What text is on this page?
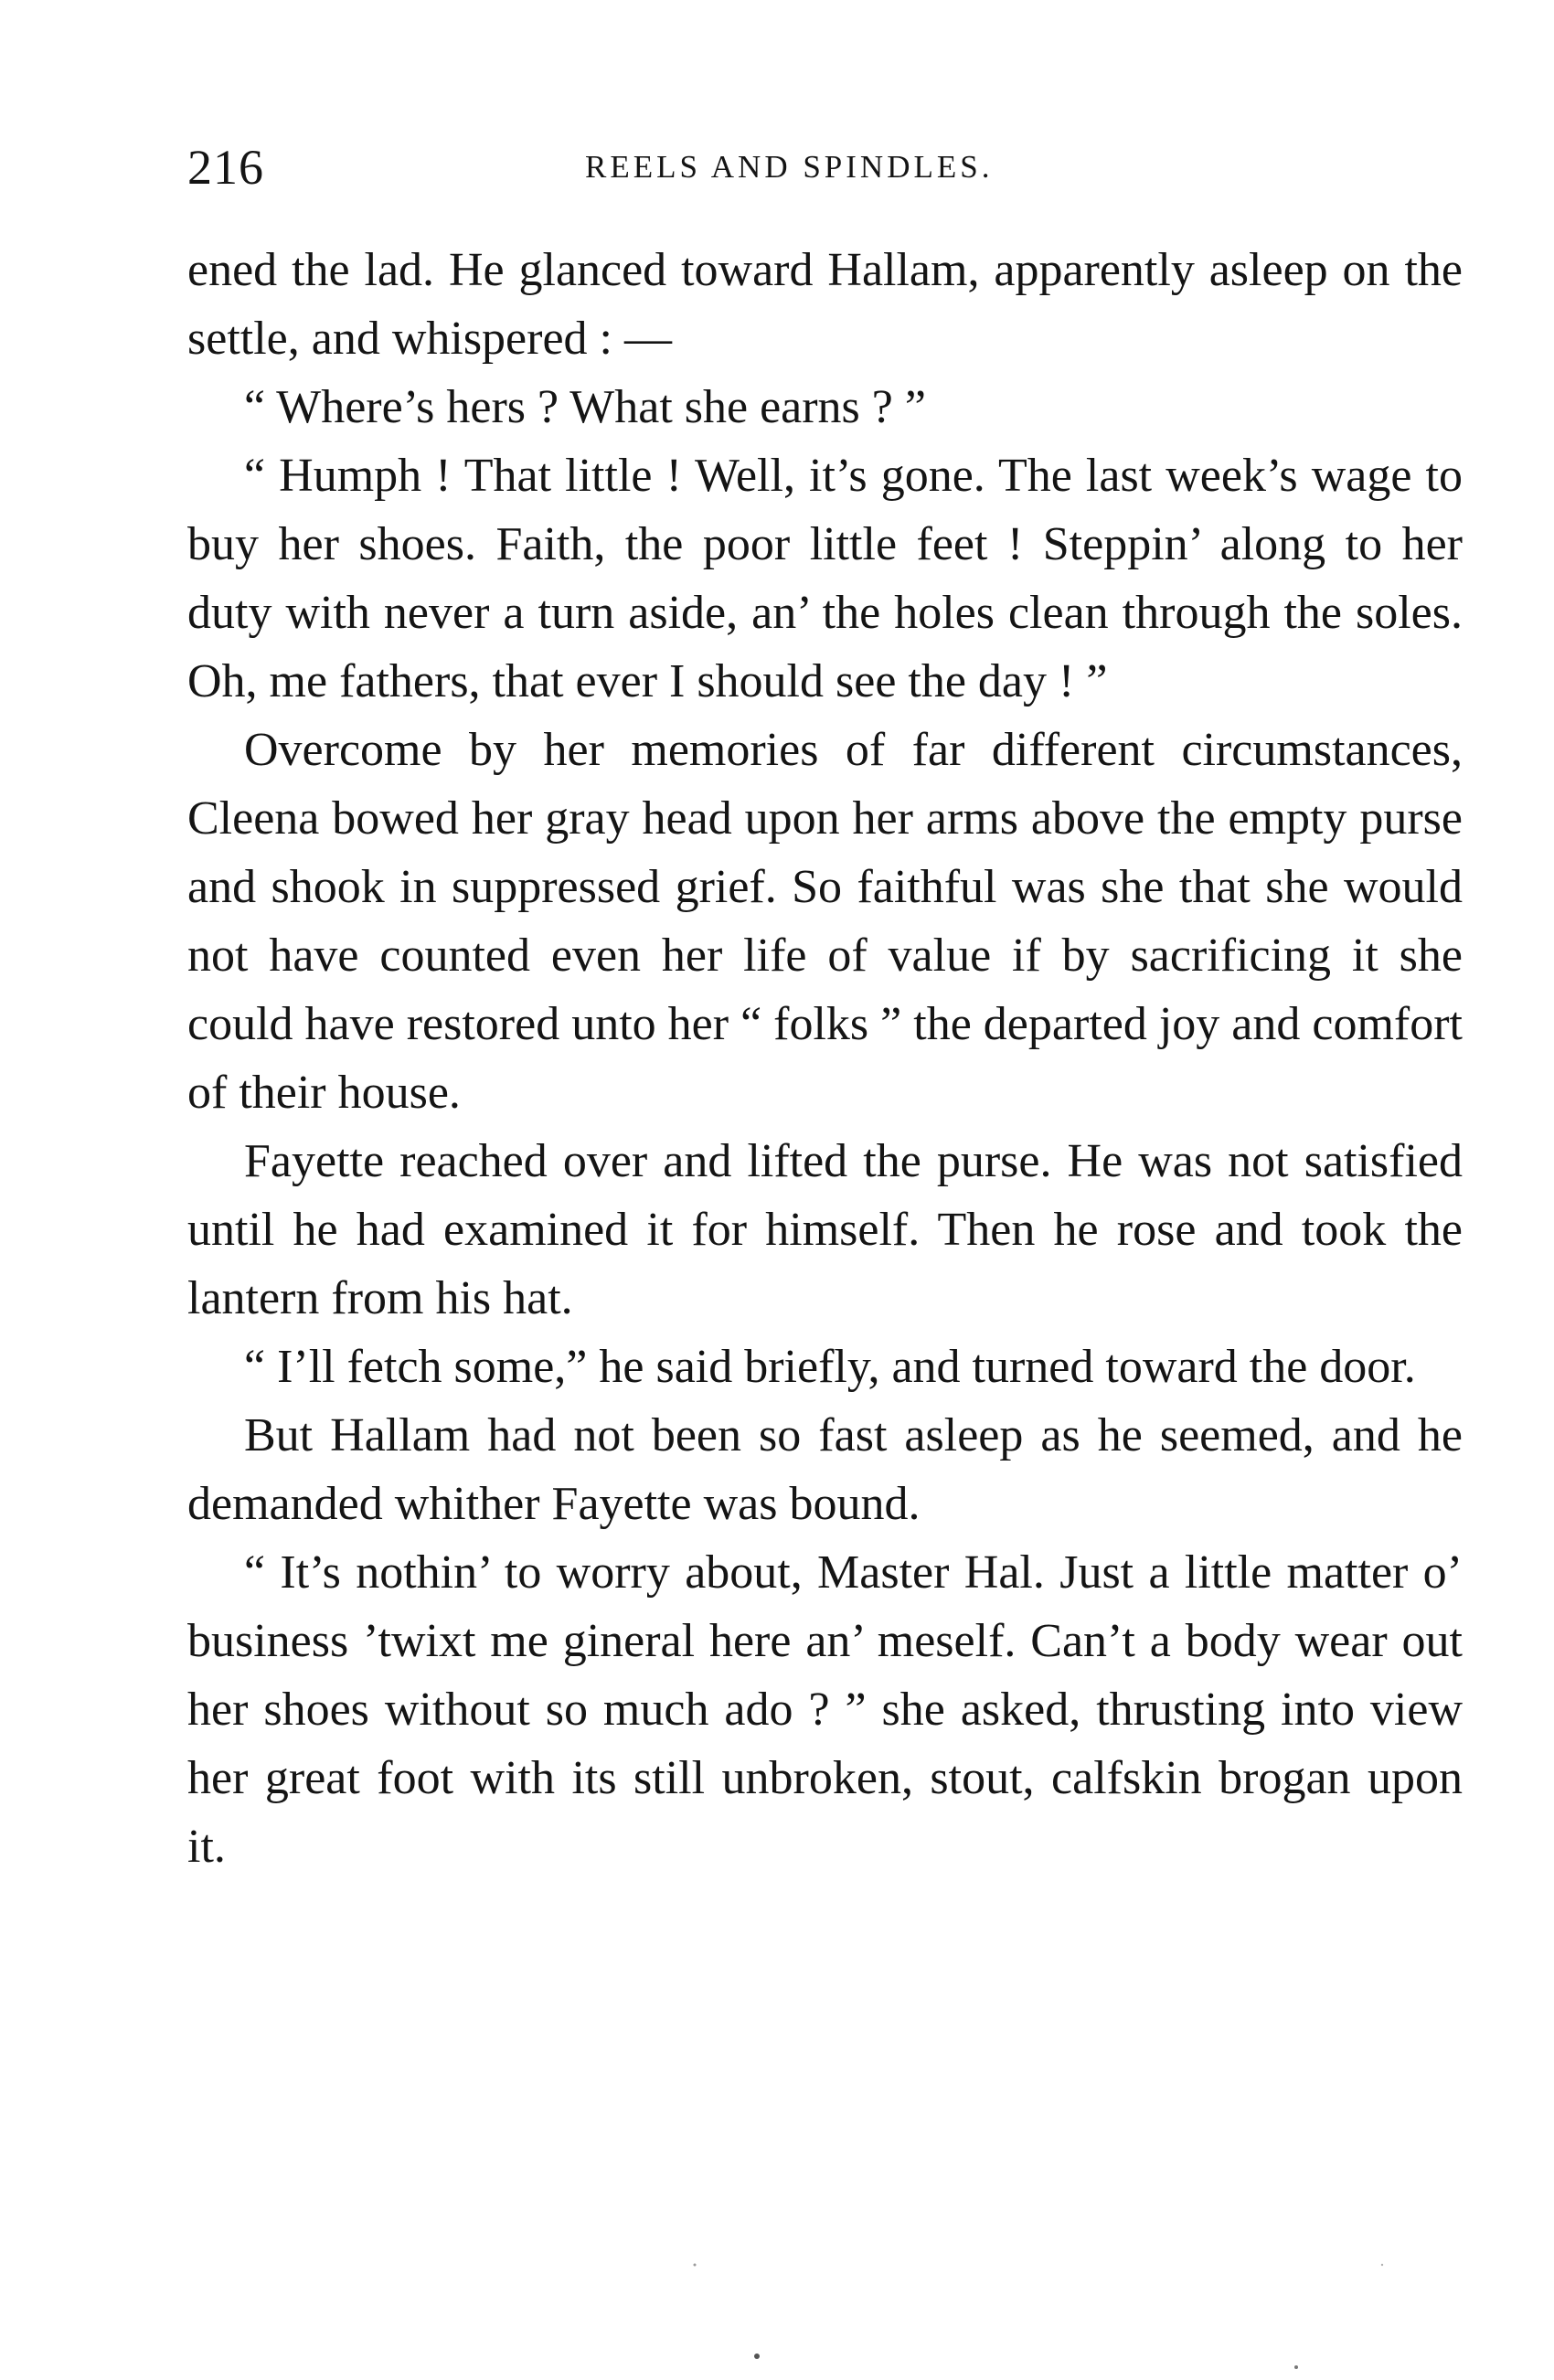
216	REELS AND SPINDLES.

ened the lad. He glanced toward Hallam, apparently asleep on the settle, and whispered : —

“ Where’s hers ? What she earns ? ”

“ Humph ! That little ! Well, it’s gone. The last week’s wage to buy her shoes. Faith, the poor little feet ! Steppin’ along to her duty with never a turn aside, an’ the holes clean through the soles. Oh, me fathers, that ever I should see the day ! ”

Overcome by her memories of far different circumstances, Cleena bowed her gray head upon her arms above the empty purse and shook in suppressed grief. So faithful was she that she would not have counted even her life of value if by sacrificing it she could have restored unto her “ folks ” the departed joy and comfort of their house.

Fayette reached over and lifted the purse. He was not satisfied until he had examined it for himself. Then he rose and took the lantern from his hat.

“ I’ll fetch some,” he said briefly, and turned toward the door.

But Hallam had not been so fast asleep as he seemed, and he demanded whither Fayette was bound.

“ It’s nothin’ to worry about, Master Hal. Just a little matter o’ business ’twixt me gineral here an’ meself. Can’t a body wear out her shoes without so much ado ? ” she asked, thrusting into view her great foot with its still unbroken, stout, calfskin brogan upon it.
